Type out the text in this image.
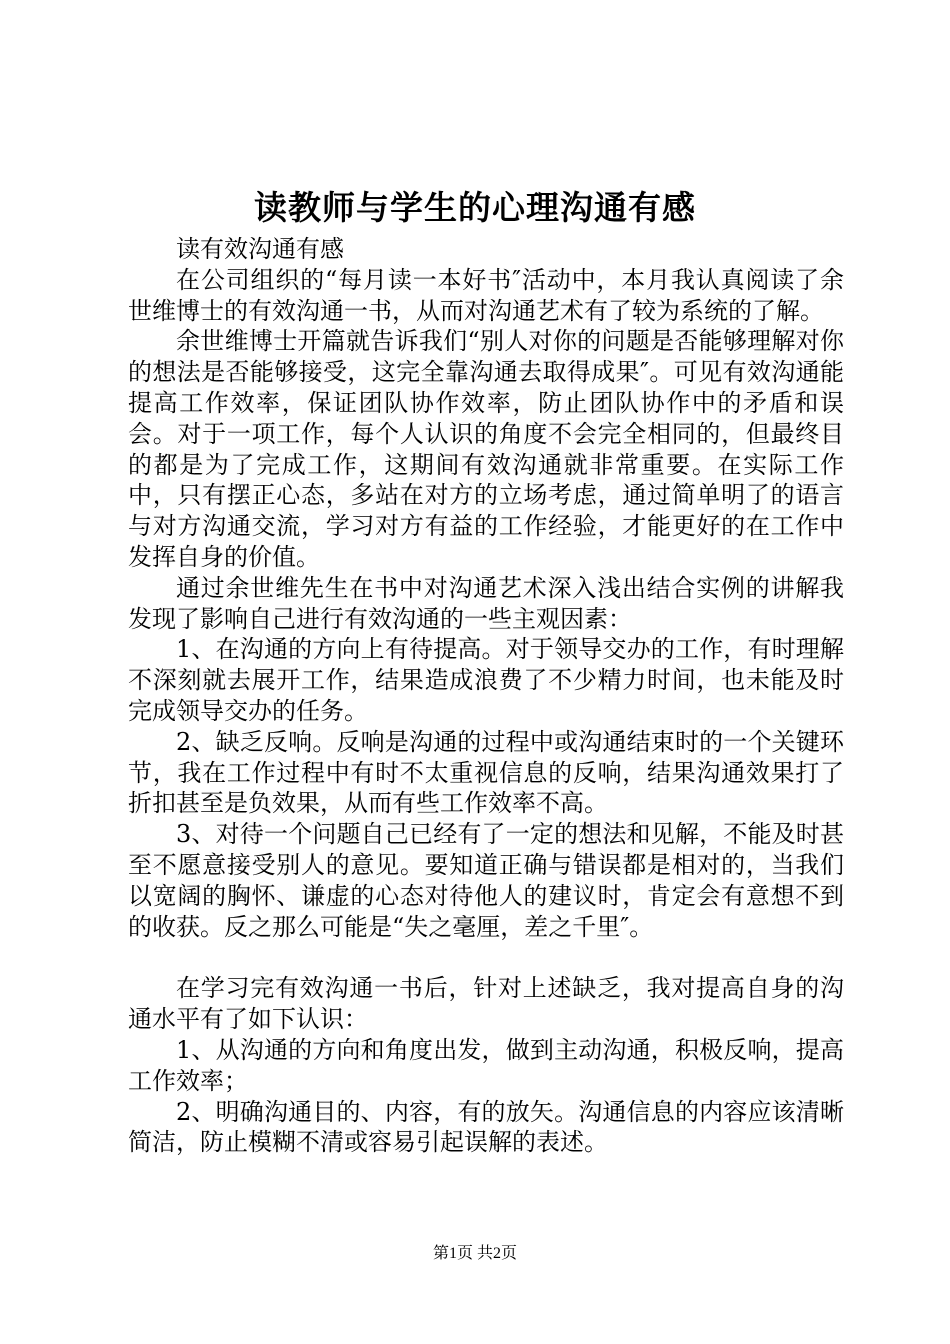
读教师与学生的心理沟通有感

读有效沟通有感

在公司组织的“每月读一本好书″活动中，本月我认真阅读了余世维博士的有效沟通一书，从而对沟通艺术有了较为系统的了解。

余世维博士开篇就告诉我们“别人对你的问题是否能够理解对你的想法是否能够接受，这完全靠沟通去取得成果″。可见有效沟通能提高工作效率，保证团队协作效率，防止团队协作中的矛盾和误会。对于一项工作，每个人认识的角度不会完全相同的，但最终目的都是为了完成工作，这期间有效沟通就非常重要。在实际工作中，只有摆正心态，多站在对方的立场考虑，通过简单明了的语言与对方沟通交流，学习对方有益的工作经验，才能更好的在工作中发挥自身的价值。

通过余世维先生在书中对沟通艺术深入浅出结合实例的讲解我发现了影响自己进行有效沟通的一些主观因素：

1、在沟通的方向上有待提高。对于领导交办的工作，有时理解不深刻就去展开工作，结果造成浪费了不少精力时间，也未能及时完成领导交办的任务。

2、缺乏反响。反响是沟通的过程中或沟通结束时的一个关键环节，我在工作过程中有时不太重视信息的反响，结果沟通效果打了折扣甚至是负效果，从而有些工作效率不高。

3、对待一个问题自己已经有了一定的想法和见解，不能及时甚至不愿意接受别人的意见。要知道正确与错误都是相对的，当我们以宽阔的胸怀、谦虚的心态对待他人的建议时，肯定会有意想不到的收获。反之那么可能是“失之毫厘，差之千里″。

在学习完有效沟通一书后，针对上述缺乏，我对提高自身的沟通水平有了如下认识：

1、从沟通的方向和角度出发，做到主动沟通，积极反响，提高工作效率；

2、明确沟通目的、内容，有的放矢。沟通信息的内容应该清晰简洁，防止模糊不清或容易引起误解的表述。

第1页 共2页
